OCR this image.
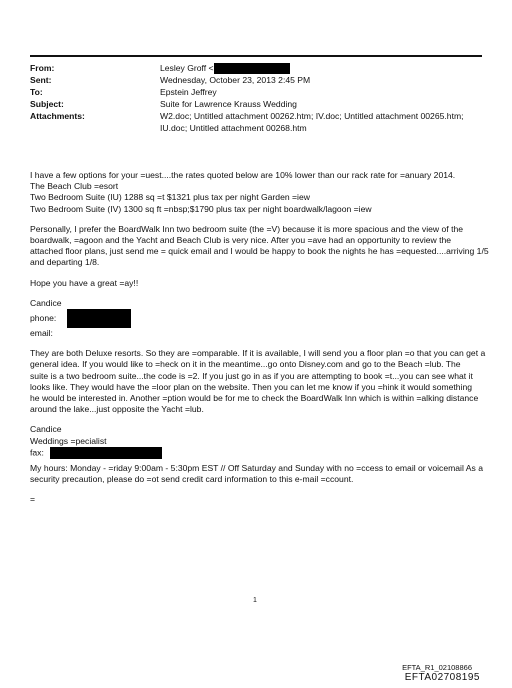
From:	Lesley Groff <
Sent:	Wednesday, October 23, 2013 2:45 PM
To:	Epstein Jeffrey
Subject:	Suite for Lawrence Krauss Wedding
Attachments:	W2.doc; Untitled attachment 00262.htm; IV.doc; Untitled attachment 00265.htm;
IU.doc; Untitled attachment 00268.htm
I have a few options for your =uest....the rates quoted below are 10% lower than our rack rate for =anuary 2014.
The Beach Club =esort
Two Bedroom Suite (IU) 1288 sq =t $1321 plus tax per night Garden =iew
Two Bedroom Suite (IV) 1300 sq ft =nbsp;$1790 plus tax per night boardwalk/lagoon =iew
Personally, I prefer the BoardWalk Inn two bedroom suite (the =V) because it is more spacious and the view of the
boardwalk, =agoon and the Yacht and Beach Club is very nice. After you =ave had an opportunity to review the
attached floor plans, just send me = quick email and I would be happy to book the nights he has =equested....arriving 1/5
and departing 1/8.
Hope you have a great =ay!!
Candice
phone:
email:
They are both Deluxe resorts. So they are =omparable. If it is available, I will send you a floor plan =o that you can get a
general idea. If you would like to =heck on it in the meantime...go onto Disney.com and go to the Beach =lub. The
suite is a two bedroom suite...the code is =2. If you just go in as if you are attempting to book =t...you can see what it
looks like. They would have the =loor plan on the website. Then you can let me know if you =hink it would something
he would be interested in. Another =ption would be for me to check the BoardWalk Inn which is within =alking distance
around the lake...just opposite the Yacht =lub.
Candice
Weddings =pecialist
fax:
My hours: Monday - =riday 9:00am - 5:30pm EST // Off Saturday and Sunday with no =ccess to email or voicemail As a
security precaution, please do =ot send credit card information to this e-mail =ccount.
=
1
EFTA_R1_02108866
EFTA02708195
